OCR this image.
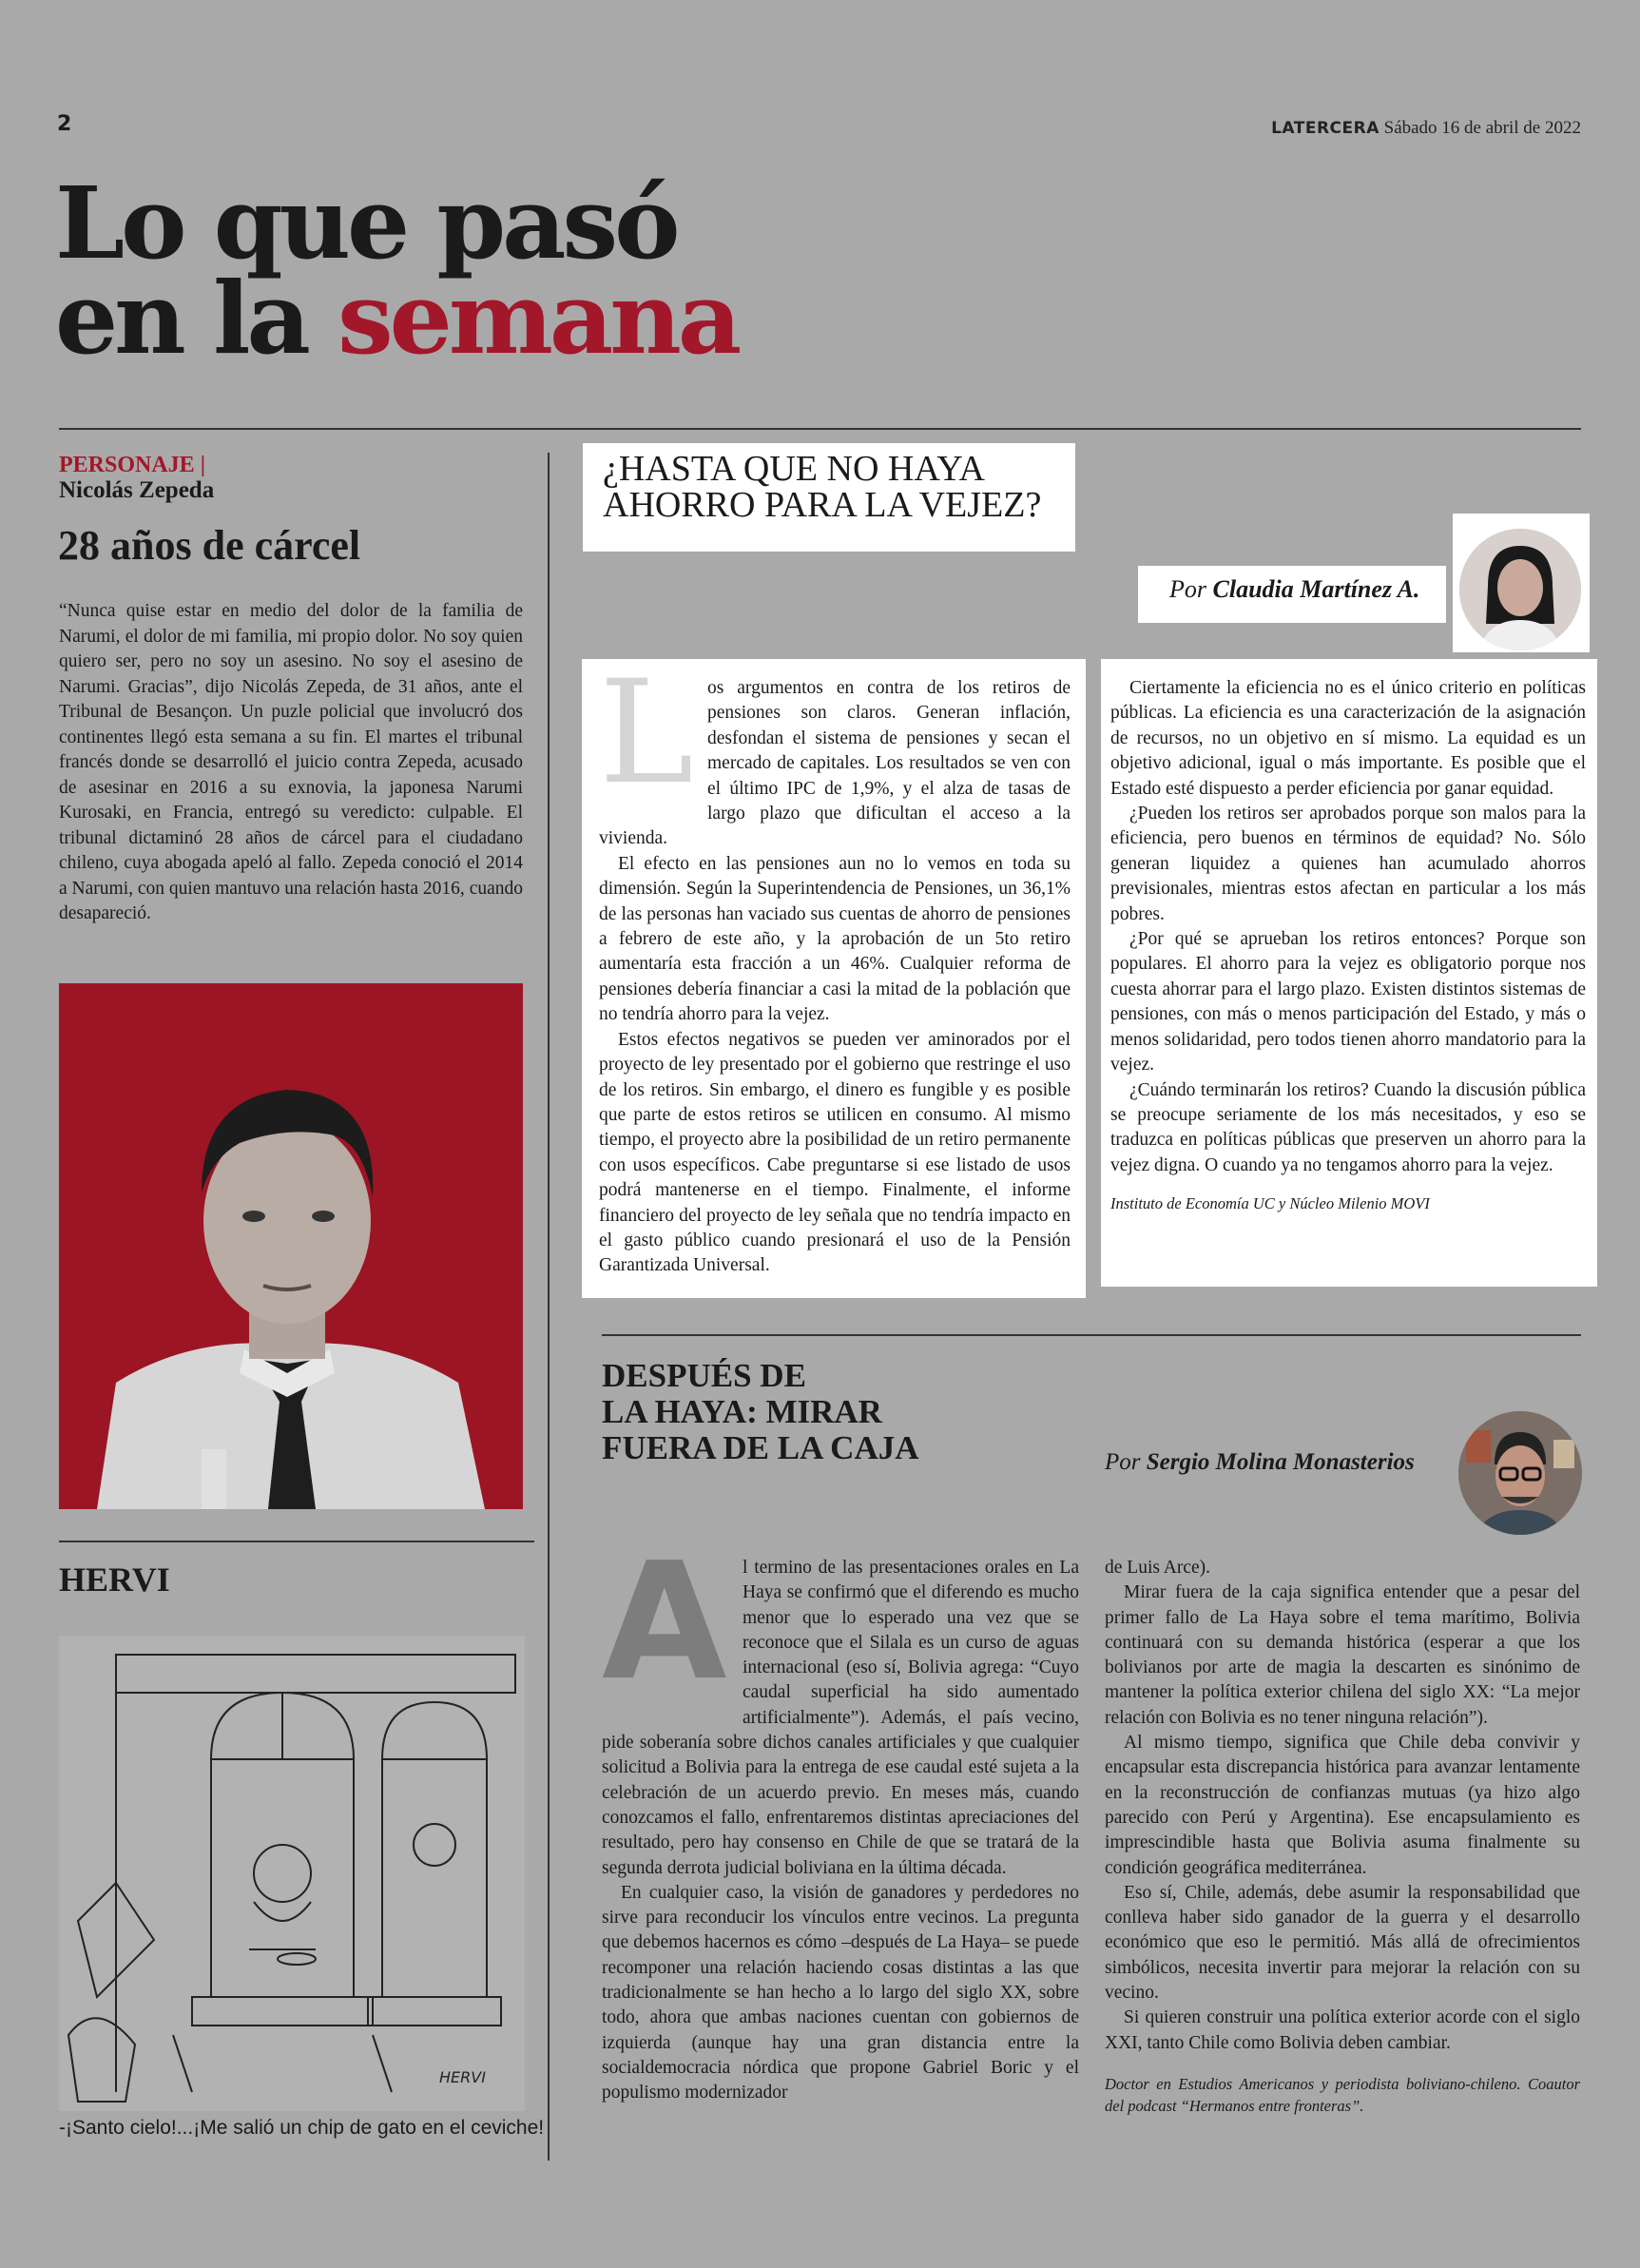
2	LATERCERA Sábado 16 de abril de 2022
Lo que pasó
en la semana
PERSONAJE |
Nicolás Zepeda
28 años de cárcel
“Nunca quise estar en medio del dolor de la familia de Narumi, el dolor de mi familia, mi propio dolor. No soy quien quiero ser, pero no soy un asesino. No soy el asesino de Narumi. Gracias”, dijo Nicolás Zepeda, de 31 años, ante el Tribunal de Besançon. Un puzle policial que involucró dos continentes llegó esta semana a su fin. El martes el tribunal francés donde se desarrolló el juicio contra Zepeda, acusado de asesinar en 2016 a su exnovia, la japonesa Narumi Kurosaki, en Francia, entregó su veredicto: culpable. El tribunal dictaminó 28 años de cárcel para el ciudadano chileno, cuya abogada apeló al fallo. Zepeda conoció el 2014 a Narumi, con quien mantuvo una relación hasta 2016, cuando desapareció.
HERVI
HERVI
-¡Santo cielo!...¡Me salió un chip de gato en el ceviche!
¿HASTA QUE NO HAYA
AHORRO PARA LA VEJEZ?
Por Claudia Martínez A.
L os argumentos en contra de los retiros de pensiones son claros. Generan inflación, desfondan el sistema de pensiones y secan el mercado de capitales. Los resultados se ven con el último IPC de 1,9%, y el alza de tasas de largo plazo que dificultan el acceso a la vivienda.

El efecto en las pensiones aun no lo vemos en toda su dimensión. Según la Superintendencia de Pensiones, un 36,1% de las personas han vaciado sus cuentas de ahorro de pensiones a febrero de este año, y la aprobación de un 5to retiro aumentaría esta fracción a un 46%. Cualquier reforma de pensiones debería financiar a casi la mitad de la población que no tendría ahorro para la vejez.

Estos efectos negativos se pueden ver aminorados por el proyecto de ley presentado por el gobierno que restringe el uso de los retiros. Sin embargo, el dinero es fungible y es posible que parte de estos retiros se utilicen en consumo. Al mismo tiempo, el proyecto abre la posibilidad de un retiro permanente con usos específicos. Cabe preguntarse si ese listado de usos podrá mantenerse en el tiempo. Finalmente, el informe financiero del proyecto de ley señala que no tendría impacto en el gasto público cuando presionará el uso de la Pensión Garantizada Universal.

Ciertamente la eficiencia no es el único criterio en políticas públicas. La eficiencia es una caracterización de la asignación de recursos, no un objetivo en sí mismo. La equidad es un objetivo adicional, igual o más importante. Es posible que el Estado esté dispuesto a perder eficiencia por ganar equidad.

¿Pueden los retiros ser aprobados porque son malos para la eficiencia, pero buenos en términos de equidad? No. Sólo generan liquidez a quienes han acumulado ahorros previsionales, mientras estos afectan en particular a los más pobres.

¿Por qué se aprueban los retiros entonces? Porque son populares. El ahorro para la vejez es obligatorio porque nos cuesta ahorrar para el largo plazo. Existen distintos sistemas de pensiones, con más o menos participación del Estado, y más o menos solidaridad, pero todos tienen ahorro mandatorio para la vejez.

¿Cuándo terminarán los retiros? Cuando la discusión pública se preocupe seriamente de los más necesitados, y eso se traduzca en políticas públicas que preserven un ahorro para la vejez digna. O cuando ya no tengamos ahorro para la vejez.

Instituto de Economía UC y Núcleo Milenio MOVI

DESPUÉS DE
LA HAYA: MIRAR
FUERA DE LA CAJA	Por Sergio Molina Monasterios
A l termino de las presentaciones orales en La Haya se confirmó que el diferendo es mucho menor que lo esperado una vez que se reconoce que el Silala es un curso de aguas internacional (eso sí, Bolivia agrega: “Cuyo caudal superficial ha sido aumentado artificialmente”). Además, el país vecino, pide soberanía sobre dichos canales artificiales y que cualquier solicitud a Bolivia para la entrega de ese caudal esté sujeta a la celebración de un acuerdo previo. En meses más, cuando conozcamos el fallo, enfrentaremos distintas apreciaciones del resultado, pero hay consenso en Chile de que se tratará de la segunda derrota judicial boliviana en la última década.

En cualquier caso, la visión de ganadores y perdedores no sirve para reconducir los vínculos entre vecinos. La pregunta que debemos hacernos es cómo –después de La Haya– se puede recomponer una relación haciendo cosas distintas a las que tradicionalmente se han hecho a lo largo del siglo XX, sobre todo, ahora que ambas naciones cuentan con gobiernos de izquierda (aunque hay una gran distancia entre la socialdemocracia nórdica que propone Gabriel Boric y el populismo modernizador

de Luis Arce).

Mirar fuera de la caja significa entender que a pesar del primer fallo de La Haya sobre el tema marítimo, Bolivia continuará con su demanda histórica (esperar a que los bolivianos por arte de magia la descarten es sinónimo de mantener la política exterior chilena del siglo XX: “La mejor relación con Bolivia es no tener ninguna relación”).

Al mismo tiempo, significa que Chile deba convivir y encapsular esta discrepancia histórica para avanzar lentamente en la reconstrucción de confianzas mutuas (ya hizo algo parecido con Perú y Argentina). Ese encapsulamiento es imprescindible hasta que Bolivia asuma finalmente su condición geográfica mediterránea.

Eso sí, Chile, además, debe asumir la responsabilidad que conlleva haber sido ganador de la guerra y el desarrollo económico que eso le permitió. Más allá de ofrecimientos simbólicos, necesita invertir para mejorar la relación con su vecino.

Si quieren construir una política exterior acorde con el siglo XXI, tanto Chile como Bolivia deben cambiar.

Doctor en Estudios Americanos y periodista boliviano-chileno. Coautor del podcast “Hermanos entre fronteras”.
